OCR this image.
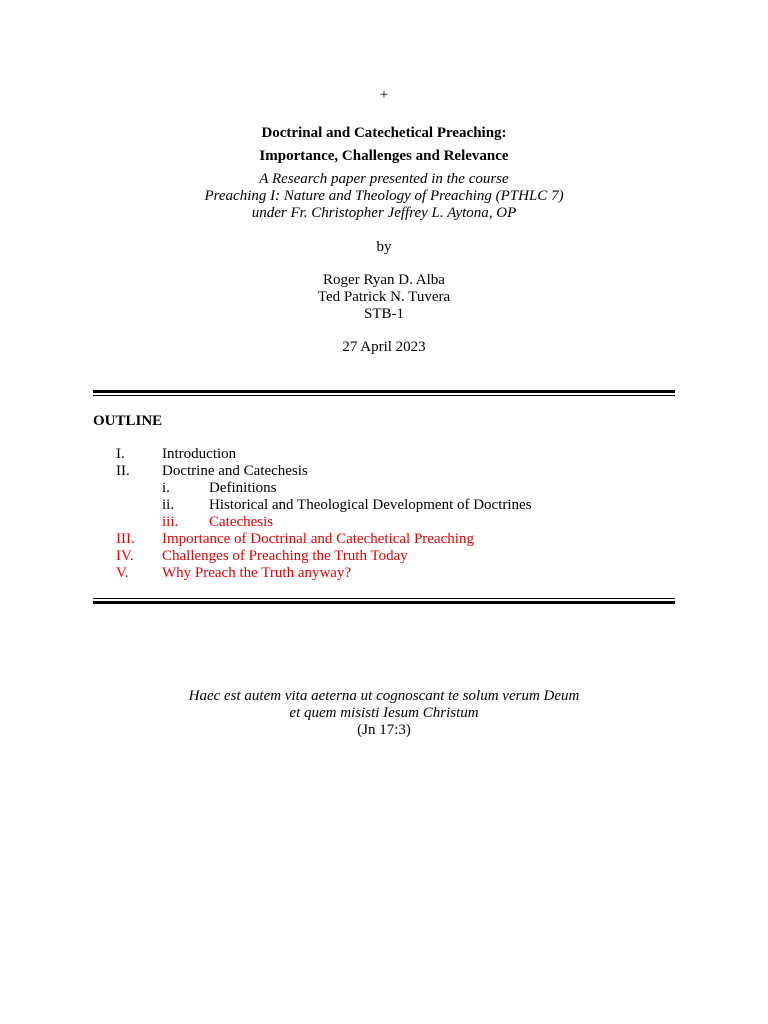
+
Doctrinal and Catechetical Preaching:
Importance, Challenges and Relevance
A Research paper presented in the course
Preaching I: Nature and Theology of Preaching (PTHLC 7)
under Fr. Christopher Jeffrey L. Aytona, OP
by
Roger Ryan D. Alba
Ted Patrick N. Tuvera
STB-1
27 April 2023
OUTLINE
I. Introduction
II. Doctrine and Catechesis
i.	Definitions
ii. Historical and Theological Development of Doctrines
iii. Catechesis
III. Importance of Doctrinal and Catechetical Preaching
IV. Challenges of Preaching the Truth Today
V. Why Preach the Truth anyway?
Haec est autem vita aeterna ut cognoscant te solum verum Deum
et quem misisti Iesum Christum
(Jn 17:3)
